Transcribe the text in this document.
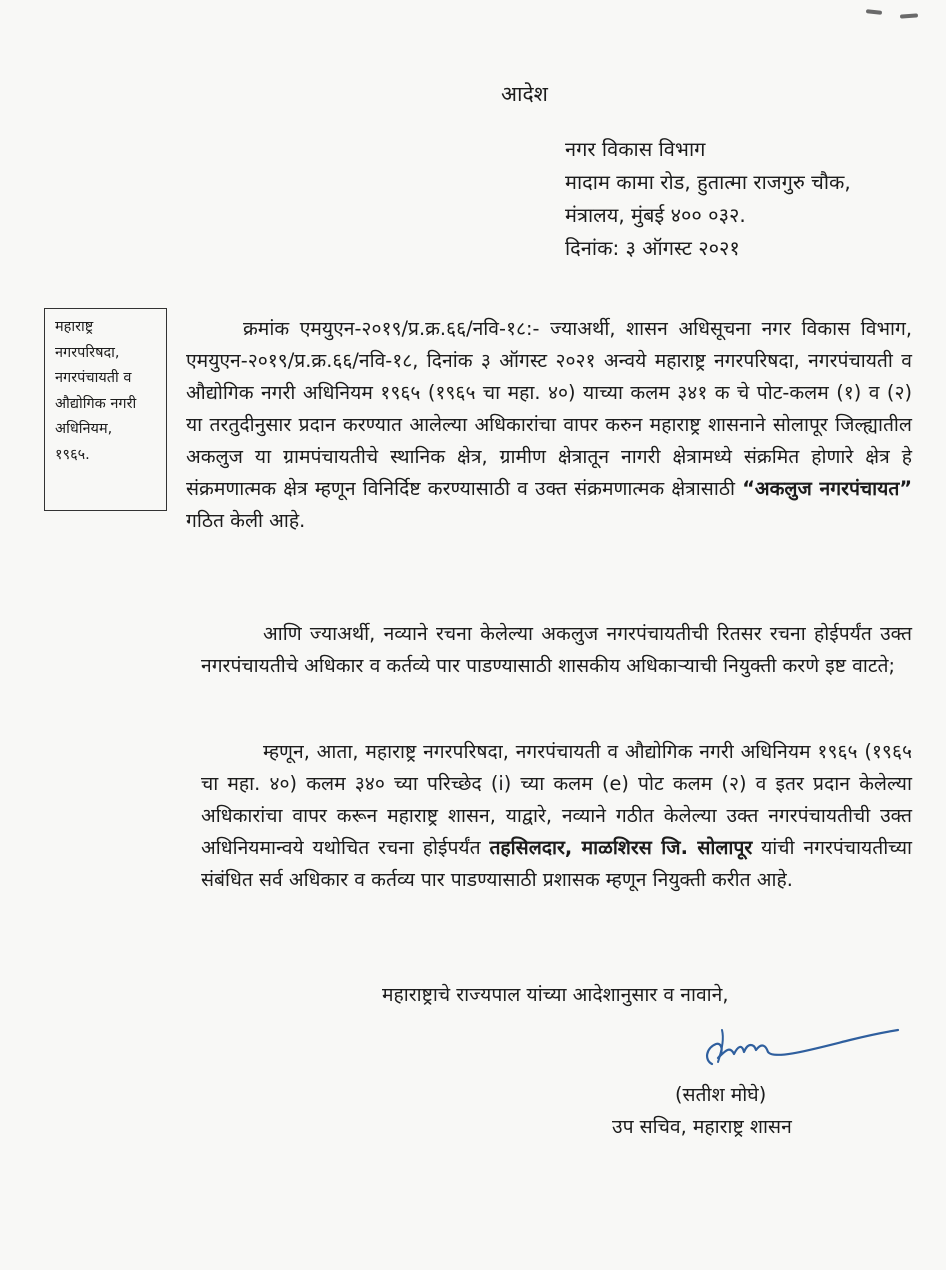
आदेश
नगर विकास विभाग
मादाम कामा रोड, हुतात्मा राजगुरु चौक,
मंत्रालय, मुंबई ४०० ०३२.
दिनांक: ३ ऑगस्ट २०२१
महाराष्ट्र
नगरपरिषदा,
नगरपंचायती व
औद्योगिक नगरी
अधिनियम,
१९६५.
क्रमांक एमयुएन-२०१९/प्र.क्र.६६/नवि-१८:- ज्याअर्थी, शासन अधिसूचना नगर विकास विभाग, एमयुएन-२०१९/प्र.क्र.६६/नवि-१८, दिनांक ३ ऑगस्ट २०२१ अन्वये महाराष्ट्र नगरपरिषदा, नगरपंचायती व औद्योगिक नगरी अधिनियम १९६५ (१९६५ चा महा. ४०) याच्या कलम ३४१ क चे पोट-कलम (१) व (२) या तरतुदीनुसार प्रदान करण्यात आलेल्या अधिकारांचा वापर करुन महाराष्ट्र शासनाने सोलापूर जिल्ह्यातील अकलुज या ग्रामपंचायतीचे स्थानिक क्षेत्र, ग्रामीण क्षेत्रातून नागरी क्षेत्रामध्ये संक्रमित होणारे क्षेत्र हे संक्रमणात्मक क्षेत्र म्हणून विनिर्दिष्ट करण्यासाठी व उक्त संक्रमणात्मक क्षेत्रासाठी “अकलुज नगरपंचायत” गठित केली आहे.
आणि ज्याअर्थी, नव्याने रचना केलेल्या अकलुज नगरपंचायतीची रितसर रचना होईपर्यंत उक्त नगरपंचायतीचे अधिकार व कर्तव्ये पार पाडण्यासाठी शासकीय अधिकाऱ्याची नियुक्ती करणे इष्ट वाटते;
म्हणून, आता, महाराष्ट्र नगरपरिषदा, नगरपंचायती व औद्योगिक नगरी अधिनियम १९६५ (१९६५ चा महा. ४०) कलम ३४० च्या परिच्छेद (i) च्या कलम (e) पोट कलम (२) व इतर प्रदान केलेल्या अधिकारांचा वापर करून महाराष्ट्र शासन, याद्वारे, नव्याने गठीत केलेल्या उक्त नगरपंचायतीची उक्त अधिनियमान्वये यथोचित रचना होईपर्यंत तहसिलदार, माळशिरस जि. सोलापूर यांची नगरपंचायतीच्या संबंधित सर्व अधिकार व कर्तव्य पार पाडण्यासाठी प्रशासक म्हणून नियुक्ती करीत आहे.
महाराष्ट्राचे राज्यपाल यांच्या आदेशानुसार व नावाने,
(सतीश मोघे)
उप सचिव, महाराष्ट्र शासन
